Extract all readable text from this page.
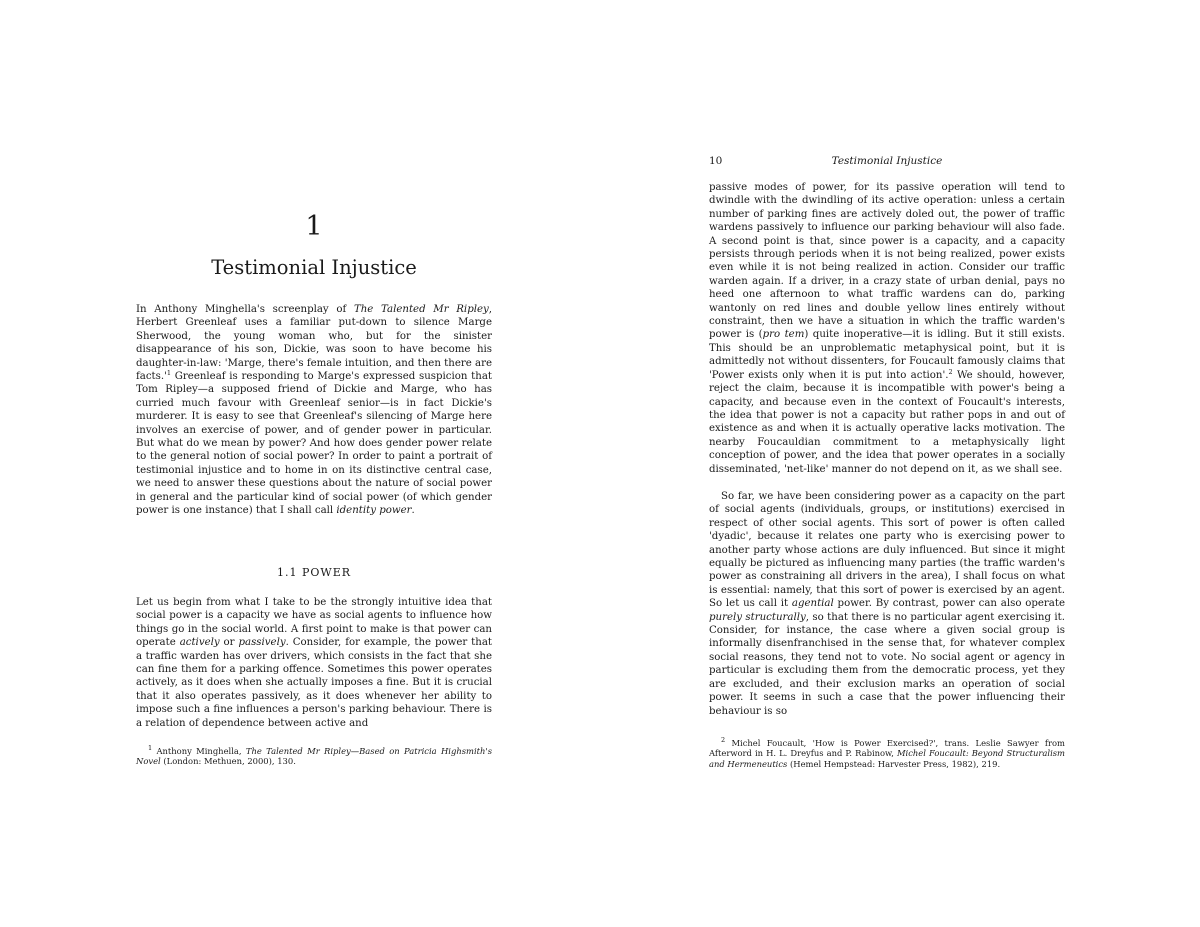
1
Testimonial Injustice

In Anthony Minghella's screenplay of The Talented Mr Ripley, Herbert Greenleaf uses a familiar put-down to silence Marge Sherwood, the young woman who, but for the sinister disappearance of his son, Dickie, was soon to have become his daughter-in-law: 'Marge, there's female intuition, and then there are $facts.'^1$ Greenleaf is responding to Marge's expressed suspicion that Tom Ripley—a supposed friend of Dickie and Marge, who has curried much favour with Greenleaf senior—is in fact Dickie's murderer. It is easy to see that Greenleaf's silencing of Marge here involves an exercise of power, and of gender power in particular. But what do we mean by power? And how does gender power relate to the general notion of social power? In order to paint a portrait of testimonial injustice and to home in on its distinctive central case, we need to answer these questions about the nature of social power in general and the particular kind of social power (of which gender power is one instance) that I shall call identity power.

1.1 POWER

Let us begin from what I take to be the strongly intuitive idea that social power is a capacity we have as social agents to influence how things go in the social world. A first point to make is that power can operate actively or passively. Consider, for example, the power that a traffic warden has over drivers, which consists in the fact that she can fine them for a parking offence. Sometimes this power operates actively, as it does when she actually imposes a fine. But it is crucial that it also operates passively, as it does whenever her ability to impose such a fine influences a person's parking behaviour. There is a relation of dependence between active and

$^1$ Anthony Minghella, The Talented Mr Ripley—Based on Patricia Highsmith's Novel (London: Methuen, 2000), 130.

Testimonial Injustice
10

passive modes of power, for its passive operation will tend to dwindle with the dwindling of its active operation: unless a certain number of parking fines are actively doled out, the power of traffic wardens passively to influence our parking behaviour will also fade. A second point is that, since power is a capacity, and a capacity persists through periods when it is not being realized, power exists even while it is not being realized in action. Consider our traffic warden again. If a driver, in a crazy state of urban denial, pays no heed one afternoon to what traffic wardens can do, parking wantonly on red lines and double yellow lines entirely without constraint, then we have a situation in which the traffic warden's power is (pro tem) quite inoperative—it is idling. But it still exists. This should be an unproblematic metaphysical point, but it is admittedly not without dissenters, for Foucault famously claims that 'Power exists only when it is put into action'.$^2$ We should, however, reject the claim, because it is incompatible with power's being a capacity, and because even in the context of Foucault's interests, the idea that power is not a capacity but rather pops in and out of existence as and when it is actually operative lacks motivation. The nearby Foucauldian commitment to a metaphysically light conception of power, and the idea that power operates in a socially disseminated, 'net-like' manner do not depend on it, as we shall see.

So far, we have been considering power as a capacity on the part of social agents (individuals, groups, or institutions) exercised in respect of other social agents. This sort of power is often called 'dyadic', because it relates one party who is exercising power to another party whose actions are duly influenced. But since it might equally be pictured as influencing many parties (the traffic warden's power as constraining all drivers in the area), I shall focus on what is essential: namely, that this sort of power is exercised by an agent. So let us call it agential power. By contrast, power can also operate purely structurally, so that there is no particular agent exercising it. Consider, for instance, the case where a given social group is informally disenfranchised in the sense that, for whatever complex social reasons, they tend not to vote. No social agent or agency in particular is excluding them from the democratic process, yet they are excluded, and their exclusion marks an operation of social power. It seems in such a case that the power influencing their behaviour is so

$^2$ Michel Foucault, 'How is Power Exercised?', trans. Leslie Sawyer from Afterword in H. L. Dreyfus and P. Rabinow, Michel Foucault: Beyond Structuralism and Hermeneutics (Hemel Hempstead: Harvester Press, 1982), 219.
